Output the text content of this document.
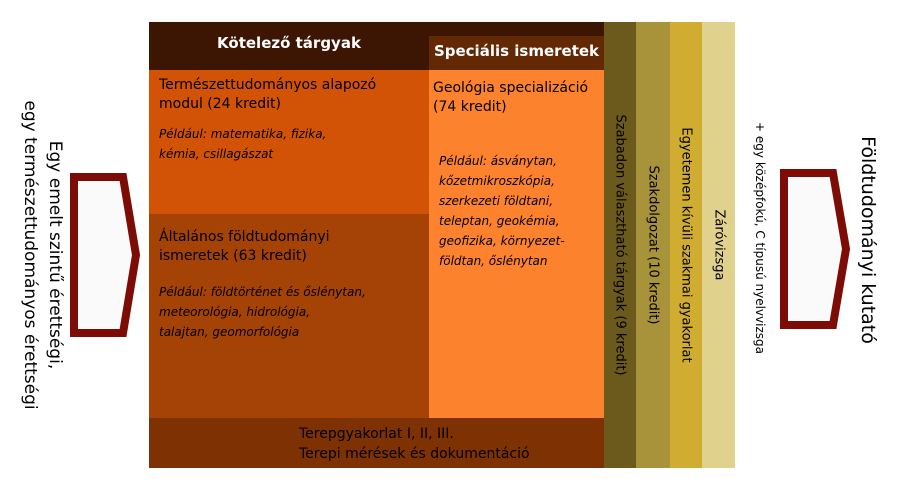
Egy emelt szintű érettségi,
egy természettudományos érettségi
Kötelező tárgyak	Speciális ismeretek
Természettudományos alapozó
modul (24 kredit)
Például: matematika, fizika,
kémia, csillagászat
Általános földtudományi
ismeretek (63 kredit)
Például: földtörténet és őslénytan,
meteorológia, hidrológia,
talajtan, geomorfológia
Geológia specializáció
(74 kredit)
Például: ásványtan,
kőzetmikroszkópia,
szerkezeti földtani,
teleptan, geokémia,
geofizika, környezet-
földtan, őslénytan
Terepgyakorlat I, II, III.
Terepi mérések és dokumentáció
Szabadon választható tárgyak (9 kredit) Szakdolgozat (10 kredit) Egyetemen kívüli szakmai gyakorlat Záróvizsga + egy középfokú, C típusú nyelvvizsga	Földtudományi kutató
